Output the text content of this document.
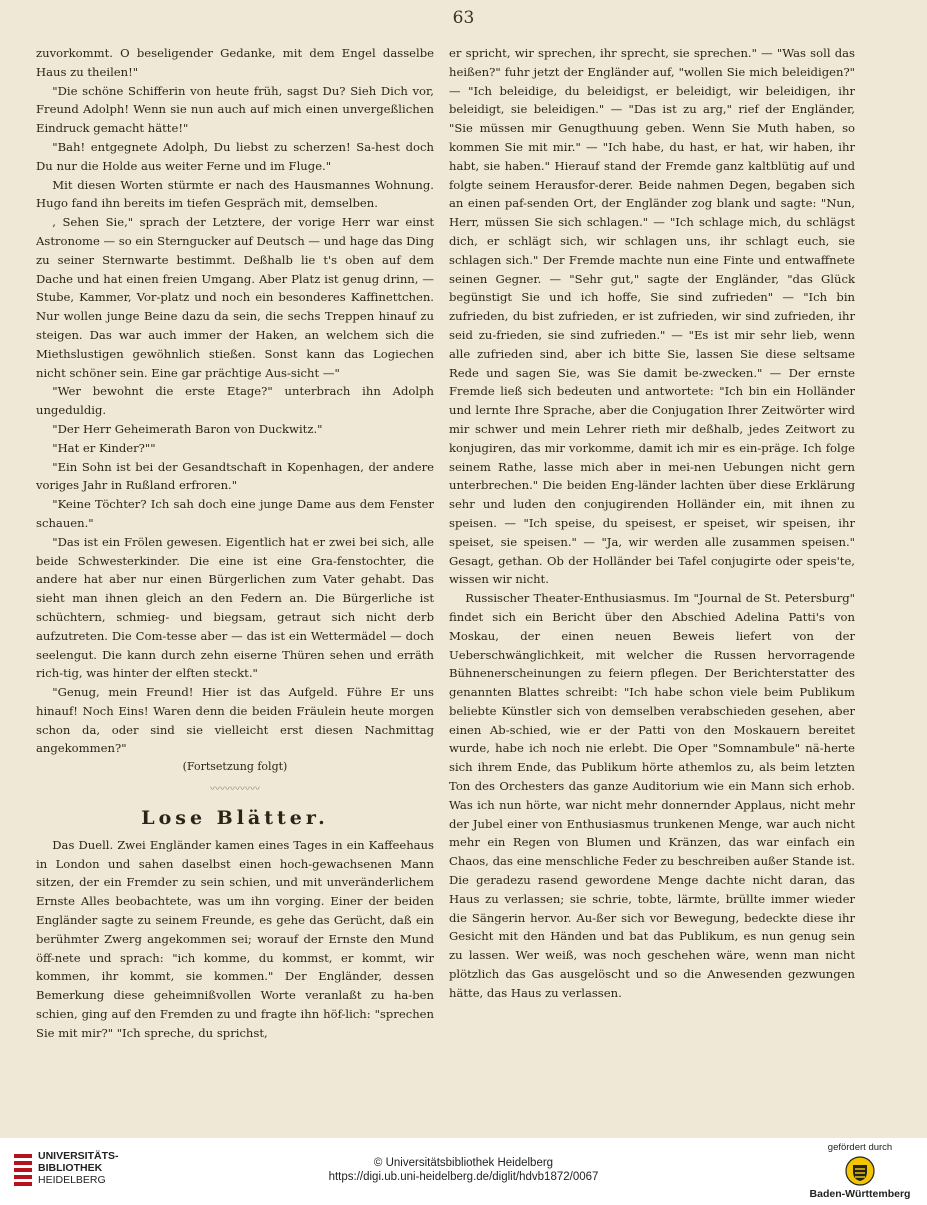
63

zuvorkommt. O beseligender Gedanke, mit dem Engel dasselbe Haus zu theilen!"

"Die schöne Schifferin von heute früh, sagst Du? Sieh Dich vor, Freund Adolph! Wenn sie nun auch auf mich einen unvergeßlichen Eindruck gemacht hätte!"

"Bah! entgegnete Adolph, Du liebst zu scherzen! Sa-hest doch Du nur die Holde aus weiter Ferne und im Fluge."

Mit diesen Worten stürmte er nach des Hausmannes Wohnung. Hugo fand ihn bereits im tiefen Gespräch mit, demselben.

, Sehen Sie," sprach der Letztere, der vorige Herr war einst Astronome — so ein Sterngucker auf Deutsch — und hage das Ding zu seiner Sternwarte bestimmt. Deßhalb lie t's oben auf dem Dache und hat einen freien Umgang. Aber Platz ist genug drinn, — Stube, Kammer, Vor-platz und noch ein besonderes Kaffinettchen. Nur wollen junge Beine dazu da sein, die sechs Treppen hinauf zu steigen. Das war auch immer der Haken, an welchem sich die Miethslustigen gewöhnlich stießen. Sonst kann das Logiechen nicht schöner sein. Eine gar prächtige Aus-sicht —"

"Wer bewohnt die erste Etage?" unterbrach ihn Adolph ungeduldig.

"Der Herr Geheimerath Baron von Duckwitz."

"Hat er Kinder?""

"Ein Sohn ist bei der Gesandtschaft in Kopenhagen, der andere voriges Jahr in Rußland erfroren."

"Keine Töchter? Ich sah doch eine junge Dame aus dem Fenster schauen."

"Das ist ein Frölen gewesen. Eigentlich hat er zwei bei sich, alle beide Schwesterkinder. Die eine ist eine Gra-fenstochter, die andere hat aber nur einen Bürgerlichen zum Vater gehabt. Das sieht man ihnen gleich an den Federn an. Die Bürgerliche ist schüchtern, schmieg- und biegsam, getraut sich nicht derb aufzutreten. Die Com-tesse aber — das ist ein Wettermädel — doch seelengut. Die kann durch zehn eiserne Thüren sehen und erräth rich-tig, was hinter der elften steckt."

"Genug, mein Freund! Hier ist das Aufgeld. Führe Er uns hinauf! Noch Eins! Waren denn die beiden Fräulein heute morgen schon da, oder sind sie vielleicht erst diesen Nachmittag angekommen?"

(Fortsetzung folgt)
〰〰〰〰〰
Lose Blätter.

Das Duell. Zwei Engländer kamen eines Tages in ein Kaffeehaus in London und sahen daselbst einen hoch-gewachsenen Mann sitzen, der ein Fremder zu sein schien, und mit unveränderlichem Ernste Alles beobachtete, was um ihn vorging. Einer der beiden Engländer sagte zu seinem Freunde, es gehe das Gerücht, daß ein berühmter Zwerg angekommen sei; worauf der Ernste den Mund öff-nete und sprach: "ich komme, du kommst, er kommt, wir kommen, ihr kommt, sie kommen." Der Engländer, dessen Bemerkung diese geheimnißvollen Worte veranlaßt zu ha-ben schien, ging auf den Fremden zu und fragte ihn höf-lich: "sprechen Sie mit mir?" "Ich spreche, du sprichst,

er spricht, wir sprechen, ihr sprecht, sie sprechen." — "Was soll das heißen?" fuhr jetzt der Engländer auf, "wollen Sie mich beleidigen?" — "Ich beleidige, du beleidigst, er beleidigt, wir beleidigen, ihr beleidigt, sie beleidigen." — "Das ist zu arg," rief der Engländer, "Sie müssen mir Genugthuung geben. Wenn Sie Muth haben, so kommen Sie mit mir." — "Ich habe, du hast, er hat, wir haben, ihr habt, sie haben." Hierauf stand der Fremde ganz kaltblütig auf und folgte seinem Herausfor-derer. Beide nahmen Degen, begaben sich an einen paf-senden Ort, der Engländer zog blank und sagte: "Nun, Herr, müssen Sie sich schlagen." — "Ich schlage mich, du schlägst dich, er schlägt sich, wir schlagen uns, ihr schlagt euch, sie schlagen sich." Der Fremde machte nun eine Finte und entwaffnete seinen Gegner. — "Sehr gut," sagte der Engländer, "das Glück begünstigt Sie und ich hoffe, Sie sind zufrieden" — "Ich bin zufrieden, du bist zufrieden, er ist zufrieden, wir sind zufrieden, ihr seid zu-frieden, sie sind zufrieden." — "Es ist mir sehr lieb, wenn alle zufrieden sind, aber ich bitte Sie, lassen Sie diese seltsame Rede und sagen Sie, was Sie damit be-zwecken." — Der ernste Fremde ließ sich bedeuten und antwortete: "Ich bin ein Holländer und lernte Ihre Sprache, aber die Conjugation Ihrer Zeitwörter wird mir schwer und mein Lehrer rieth mir deßhalb, jedes Zeitwort zu konjugiren, das mir vorkomme, damit ich mir es ein-präge. Ich folge seinem Rathe, lasse mich aber in mei-nen Uebungen nicht gern unterbrechen." Die beiden Eng-länder lachten über diese Erklärung sehr und luden den conjugirenden Holländer ein, mit ihnen zu speisen. — "Ich speise, du speisest, er speiset, wir speisen, ihr speiset, sie speisen." — "Ja, wir werden alle zusammen speisen." Gesagt, gethan. Ob der Holländer bei Tafel conjugirte oder speis'te, wissen wir nicht.

Russischer Theater-Enthusiasmus. Im "Journal de St. Petersburg" findet sich ein Bericht über den Abschied Adelina Patti's von Moskau, der einen neuen Beweis liefert von der Ueberschwänglichkeit, mit welcher die Russen hervorragende Bühnenerscheinungen zu feiern pflegen. Der Berichterstatter des genannten Blattes schreibt: "Ich habe schon viele beim Publikum beliebte Künstler sich von demselben verabschieden gesehen, aber einen Ab-schied, wie er der Patti von den Moskauern bereitet wurde, habe ich noch nie erlebt. Die Oper "Somnambule" nä-herte sich ihrem Ende, das Publikum hörte athemlos zu, als beim letzten Ton des Orchesters das ganze Auditorium wie ein Mann sich erhob. Was ich nun hörte, war nicht mehr donnernder Applaus, nicht mehr der Jubel einer von Enthusiasmus trunkenen Menge, war auch nicht mehr ein Regen von Blumen und Kränzen, das war einfach ein Chaos, das eine menschliche Feder zu beschreiben außer Stande ist. Die geradezu rasend gewordene Menge dachte nicht daran, das Haus zu verlassen; sie schrie, tobte, lärmte, brüllte immer wieder die Sängerin hervor. Au-ßer sich vor Bewegung, bedeckte diese ihr Gesicht mit den Händen und bat das Publikum, es nun genug sein zu lassen. Wer weiß, was noch geschehen wäre, wenn man nicht plötzlich das Gas ausgelöscht und so die Anwesenden gezwungen hätte, das Haus zu verlassen.

UNIVERSITÄTS-
BIBLIOTHEK
HEIDELBERG
© Universitätsbibliothek Heidelberg
https://digi.ub.uni-heidelberg.de/diglit/hdvb1872/0067
gefördert durch
Baden-Württemberg
